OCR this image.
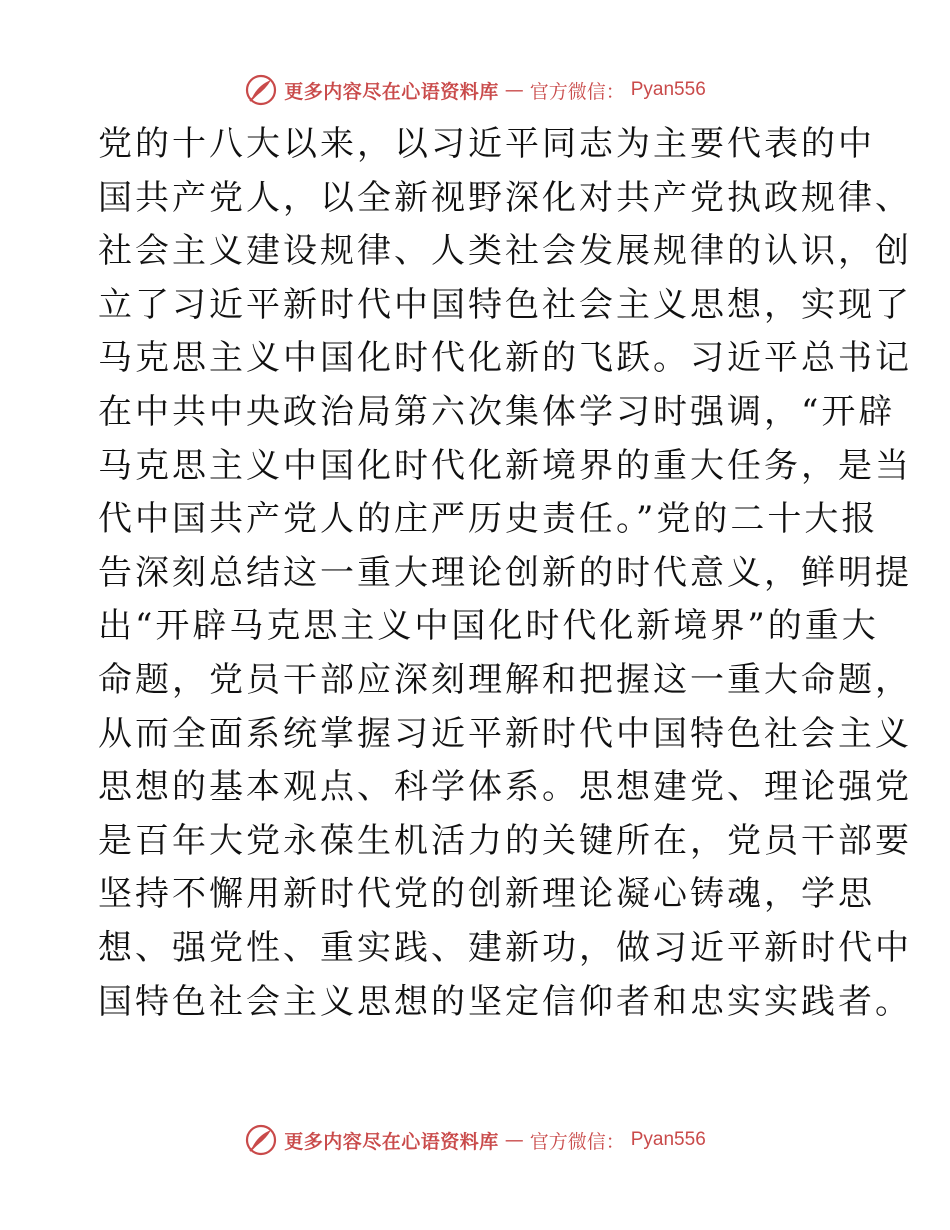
更多内容尽在心语资料库 — 官方微信： Pyan556
党的十八大以来，以习近平同志为主要代表的中
国共产党人，以全新视野深化对共产党执政规律、
社会主义建设规律、人类社会发展规律的认识，创
立了习近平新时代中国特色社会主义思想，实现了
马克思主义中国化时代化新的飞跃。习近平总书记
在中共中央政治局第六次集体学习时强调，“开辟
马克思主义中国化时代化新境界的重大任务，是当
代中国共产党人的庄严历史责任。”党的二十大报
告深刻总结这一重大理论创新的时代意义，鲜明提
出“开辟马克思主义中国化时代化新境界”的重大
命题，党员干部应深刻理解和把握这一重大命题，
从而全面系统掌握习近平新时代中国特色社会主义
思想的基本观点、科学体系。思想建党、理论强党
是百年大党永葆生机活力的关键所在，党员干部要
坚持不懈用新时代党的创新理论凝心铸魂，学思
想、强党性、重实践、建新功，做习近平新时代中
国特色社会主义思想的坚定信仰者和忠实实践者。
更多内容尽在心语资料库 — 官方微信： Pyan556
